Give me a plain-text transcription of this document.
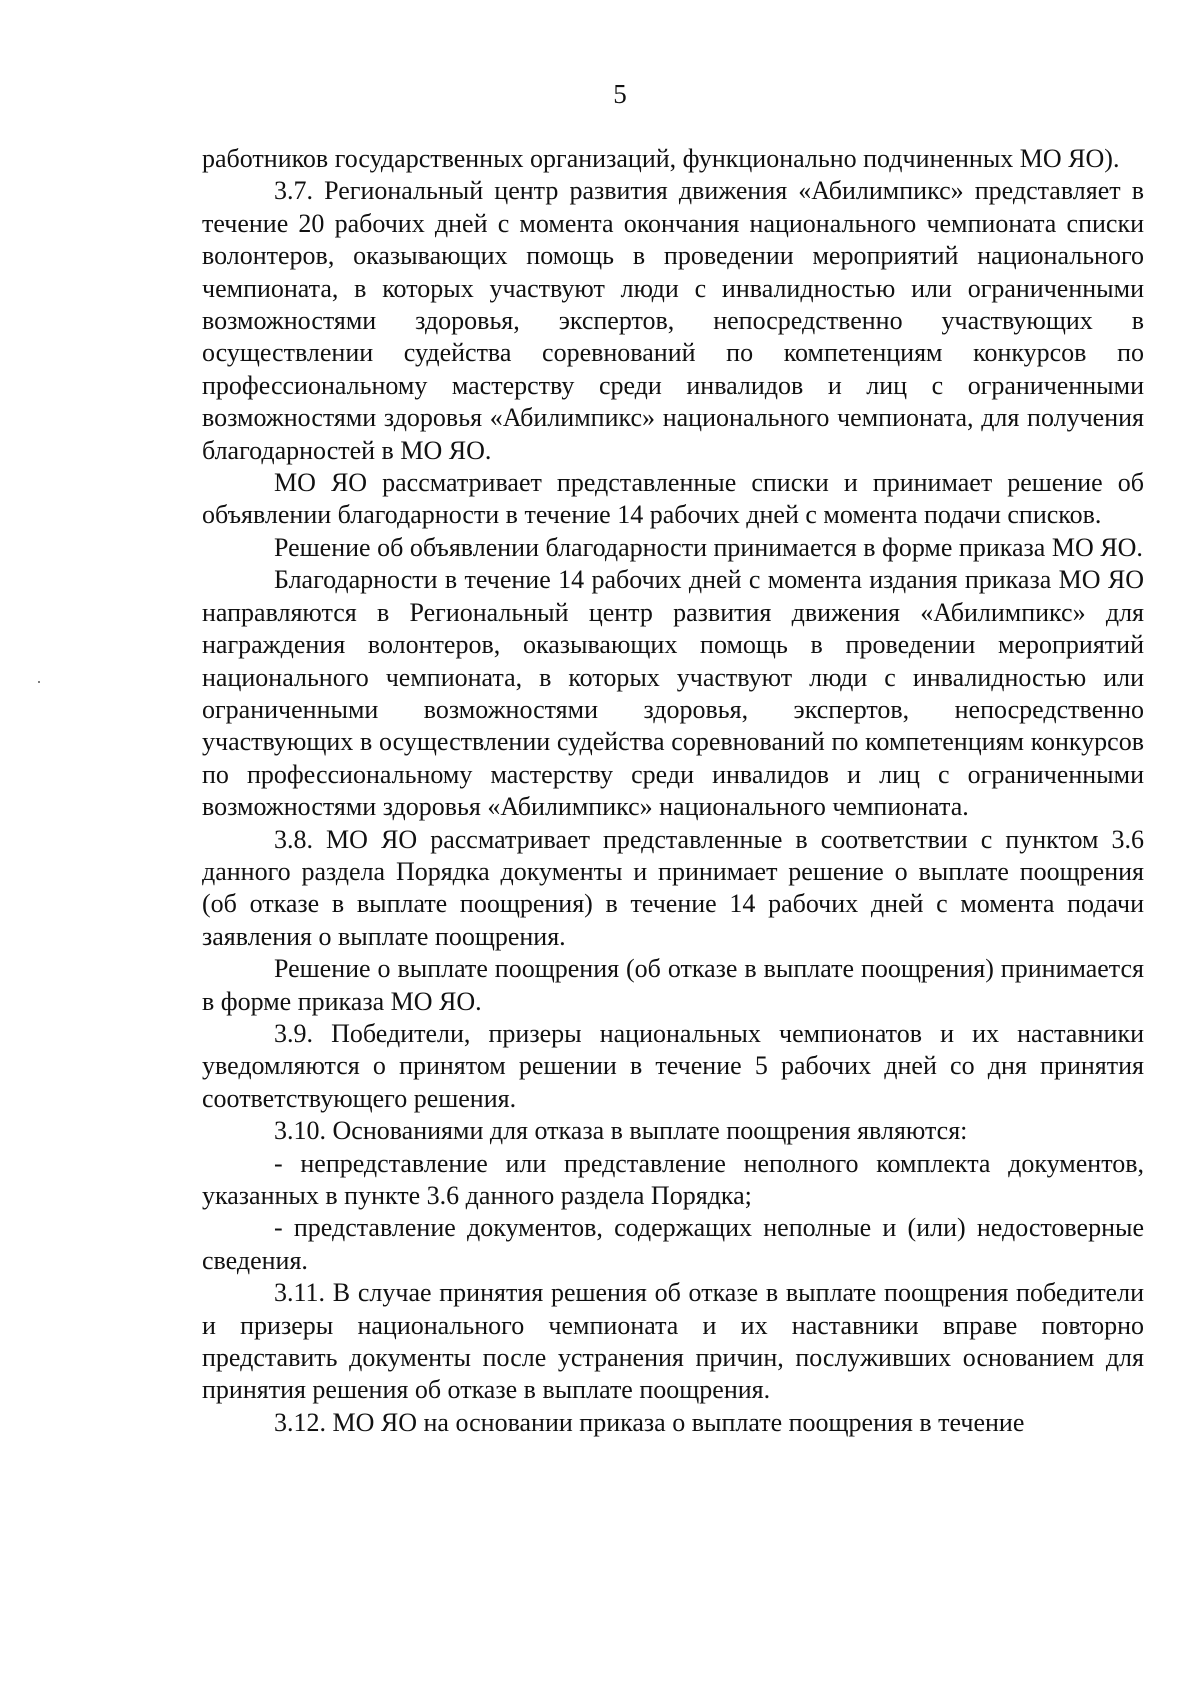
5

работников государственных организаций, функционально подчиненных МО ЯО).

3.7. Региональный центр развития движения «Абилимпикс» представляет в течение 20 рабочих дней с момента окончания национального чемпионата списки волонтеров, оказывающих помощь в проведении мероприятий национального чемпионата, в которых участвуют люди с инвалидностью или ограниченными возможностями здоровья, экспертов, непосредственно участвующих в осуществлении судейства соревнований по компетенциям конкурсов по профессиональному мастерству среди инвалидов и лиц с ограниченными возможностями здоровья «Абилимпикс» национального чемпионата, для получения благодарностей в МО ЯО.

МО ЯО рассматривает представленные списки и принимает решение об объявлении благодарности в течение 14 рабочих дней с момента подачи списков.

Решение об объявлении благодарности принимается в форме приказа МО ЯО.

Благодарности в течение 14 рабочих дней с момента издания приказа МО ЯО направляются в Региональный центр развития движения «Абилимпикс» для награждения волонтеров, оказывающих помощь в проведении мероприятий национального чемпионата, в которых участвуют люди с инвалидностью или ограниченными возможностями здоровья, экспертов, непосредственно участвующих в осуществлении судейства соревнований по компетенциям конкурсов по профессиональному мастерству среди инвалидов и лиц с ограниченными возможностями здоровья «Абилимпикс» национального чемпионата.

3.8. МО ЯО рассматривает представленные в соответствии с пунктом 3.6 данного раздела Порядка документы и принимает решение о выплате поощрения (об отказе в выплате поощрения) в течение 14 рабочих дней с момента подачи заявления о выплате поощрения.

Решение о выплате поощрения (об отказе в выплате поощрения) принимается в форме приказа МО ЯО.

3.9. Победители, призеры национальных чемпионатов и их наставники уведомляются о принятом решении в течение 5 рабочих дней со дня принятия соответствующего решения.

3.10. Основаниями для отказа в выплате поощрения являются:

- непредставление или представление неполного комплекта документов, указанных в пункте 3.6 данного раздела Порядка;

- представление документов, содержащих неполные и (или) недостоверные сведения.

3.11. В случае принятия решения об отказе в выплате поощрения победители и призеры национального чемпионата и их наставники вправе повторно представить документы после устранения причин, послуживших основанием для принятия решения об отказе в выплате поощрения.

3.12. МО ЯО на основании приказа о выплате поощрения в течение
